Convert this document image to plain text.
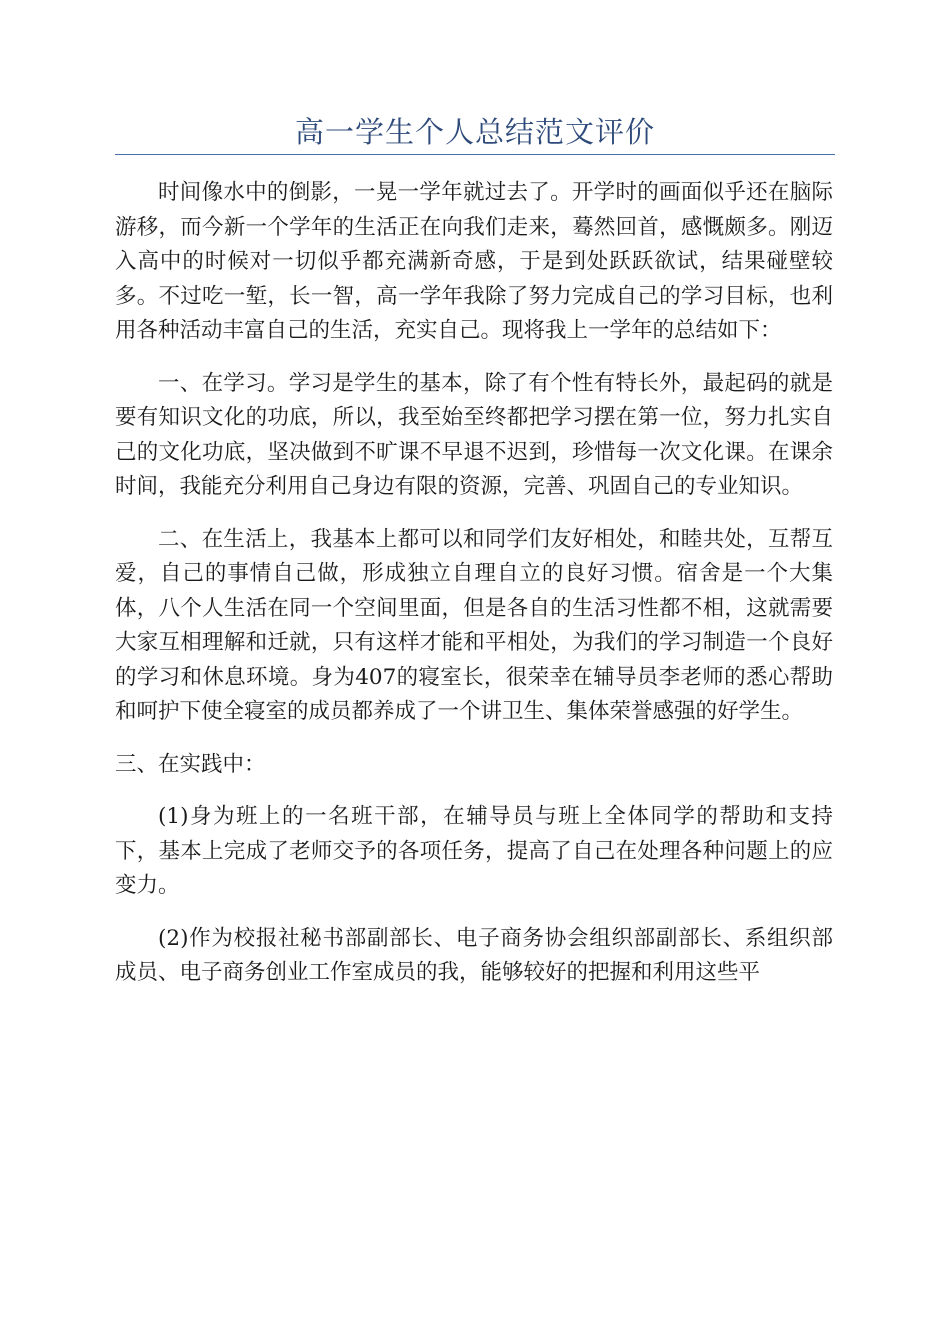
高一学生个人总结范文评价

时间像水中的倒影，一晃一学年就过去了。开学时的画面似乎还在脑际游移，而今新一个学年的生活正在向我们走来，蓦然回首，感慨颇多。刚迈入高中的时候对一切似乎都充满新奇感，于是到处跃跃欲试，结果碰壁较多。不过吃一堑，长一智，高一学年我除了努力完成自己的学习目标，也利用各种活动丰富自己的生活，充实自己。现将我上一学年的总结如下：

一、在学习。学习是学生的基本，除了有个性有特长外，最起码的就是要有知识文化的功底，所以，我至始至终都把学习摆在第一位，努力扎实自己的文化功底，坚决做到不旷课不早退不迟到，珍惜每一次文化课。在课余时间，我能充分利用自己身边有限的资源，完善、巩固自己的专业知识。

二、在生活上，我基本上都可以和同学们友好相处，和睦共处，互帮互爱，自己的事情自己做，形成独立自理自立的良好习惯。宿舍是一个大集体，八个人生活在同一个空间里面，但是各自的生活习性都不相，这就需要大家互相理解和迁就，只有这样才能和平相处，为我们的学习制造一个良好的学习和休息环境。身为407的寝室长，很荣幸在辅导员李老师的悉心帮助和呵护下使全寝室的成员都养成了一个讲卫生、集体荣誉感强的好学生。

三、在实践中：

(1)身为班上的一名班干部，在辅导员与班上全体同学的帮助和支持下，基本上完成了老师交予的各项任务，提高了自己在处理各种问题上的应变力。

(2)作为校报社秘书部副部长、电子商务协会组织部副部长、系组织部成员、电子商务创业工作室成员的我，能够较好的把握和利用这些平
